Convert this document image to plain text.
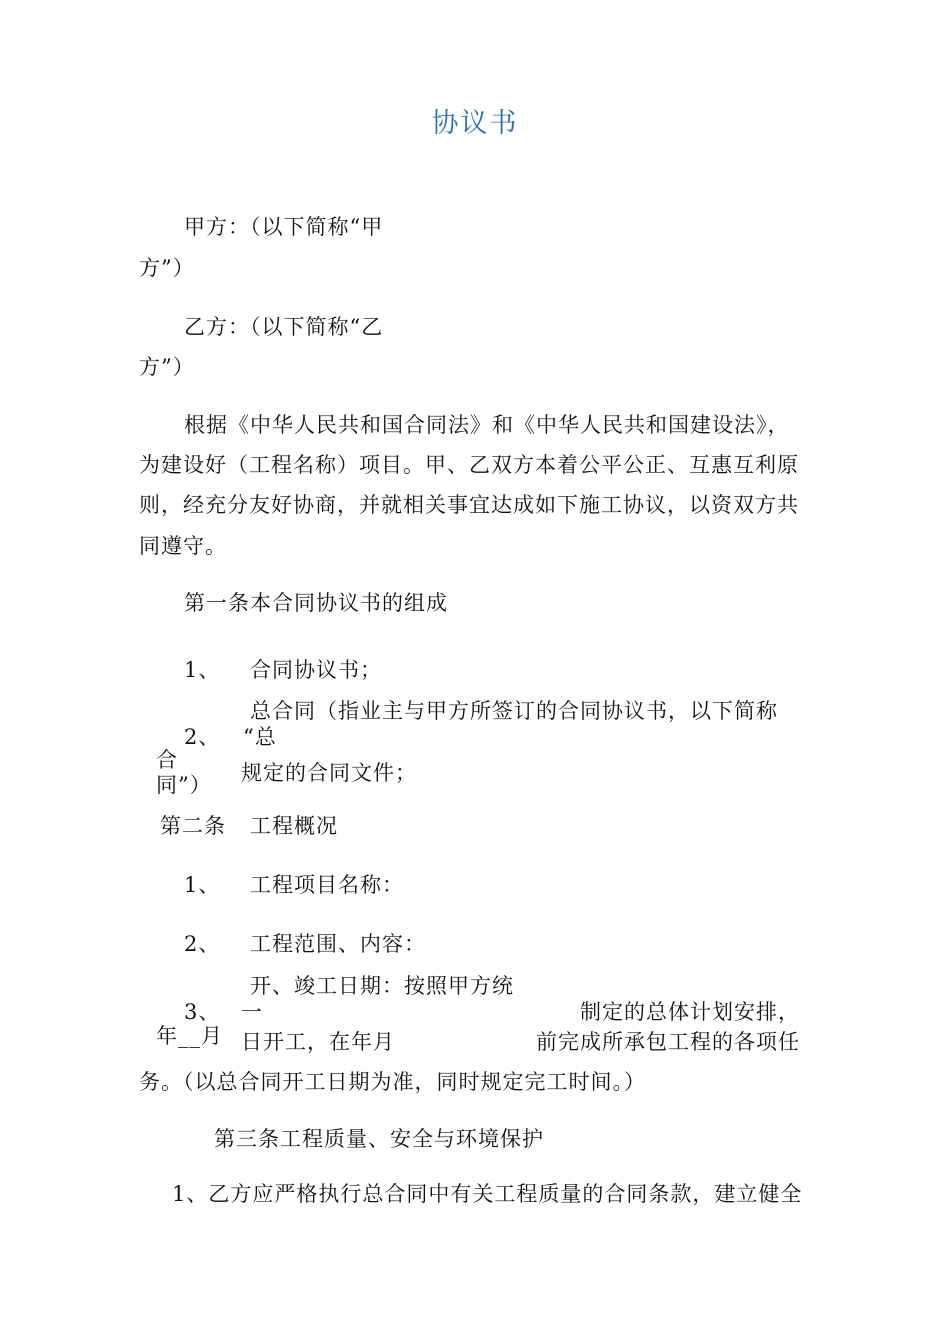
协议书
甲方：（以下简称“甲
方”）
乙方：（以下简称“乙
方”）
根据《中华人民共和国合同法》和《中华人民共和国建设法》，
为建设好（工程名称）项目。甲、乙双方本着公平公正、互惠互利原
则，经充分友好协商，并就相关事宜达成如下施工协议，以资双方共
同遵守。
第一条本合同协议书的组成
1、 合同协议书；
总合同（指业主与甲方所签订的合同协议书，以下简称
2、 “总
合
同”） 规定的合同文件；
第二条 工程概况
1、 工程项目名称：
2、 工程范围、内容：
开、竣工日期：按照甲方统
3、 一	制定的总体计划安排，
年__月 日开工，在年月	前完成所承包工程的各项任
务。（以总合同开工日期为准，同时规定完工时间。）
第三条工程质量、安全与环境保护
1、乙方应严格执行总合同中有关工程质量的合同条款，建立健全
